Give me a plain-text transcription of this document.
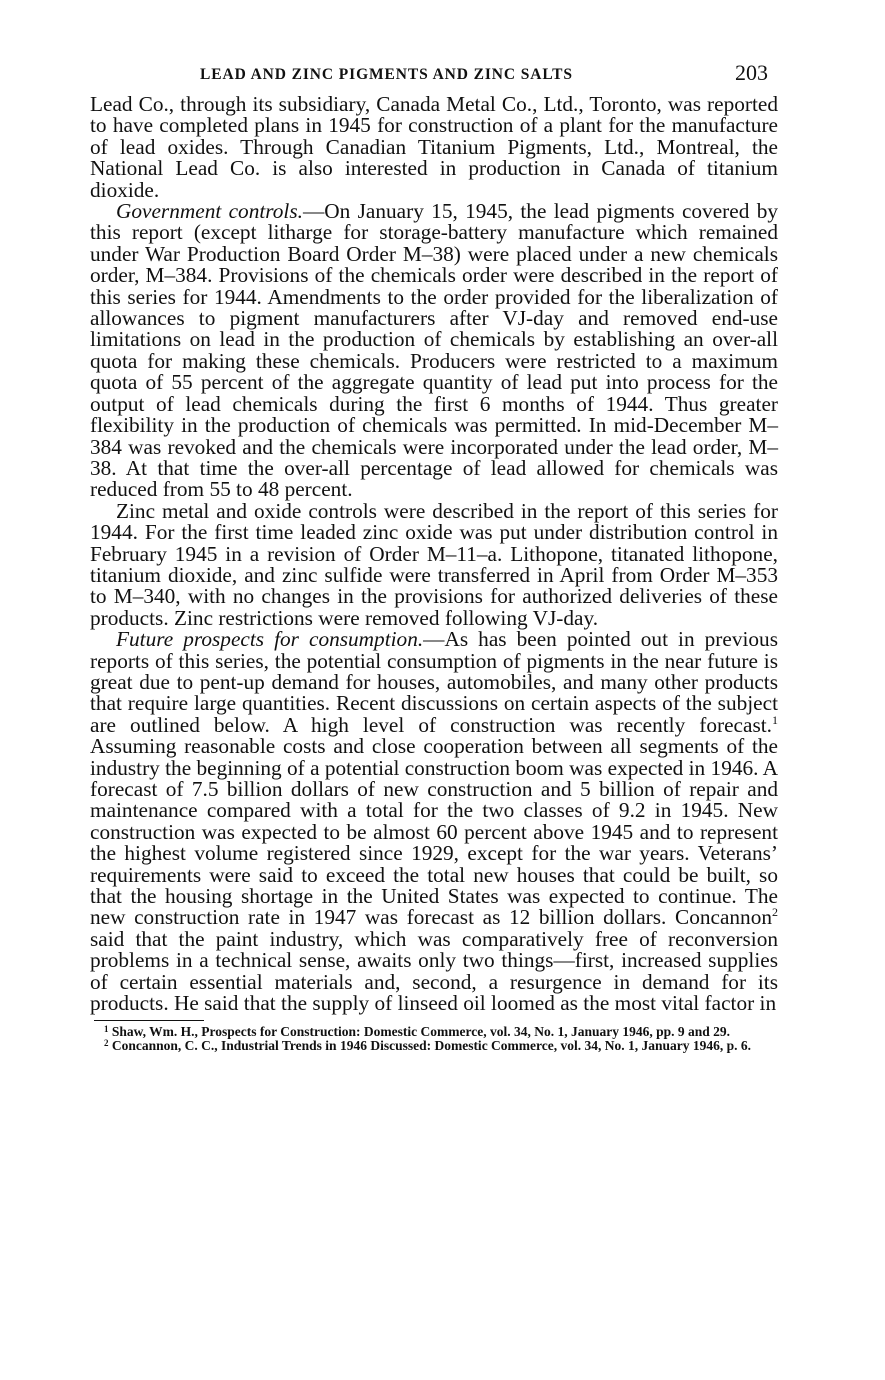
LEAD AND ZINC PIGMENTS AND ZINC SALTS	203

Lead Co., through its subsidiary, Canada Metal Co., Ltd., Toronto, was reported to have completed plans in 1945 for construction of a plant for the manufacture of lead oxides. Through Canadian Titanium Pigments, Ltd., Montreal, the National Lead Co. is also interested in production in Canada of titanium dioxide.

Government controls.—On January 15, 1945, the lead pigments covered by this report (except litharge for storage-battery manufacture which remained under War Production Board Order M–38) were placed under a new chemicals order, M–384. Provisions of the chemicals order were described in the report of this series for 1944. Amendments to the order provided for the liberalization of allowances to pigment manufacturers after VJ-day and removed end-use limitations on lead in the production of chemicals by establishing an over-all quota for making these chemicals. Producers were restricted to a maximum quota of 55 percent of the aggregate quantity of lead put into process for the output of lead chemicals during the first 6 months of 1944. Thus greater flexibility in the production of chemicals was permitted. In mid-December M–384 was revoked and the chemicals were incorporated under the lead order, M–38. At that time the over-all percentage of lead allowed for chemicals was reduced from 55 to 48 percent.

Zinc metal and oxide controls were described in the report of this series for 1944. For the first time leaded zinc oxide was put under distribution control in February 1945 in a revision of Order M–11–a. Lithopone, titanated lithopone, titanium dioxide, and zinc sulfide were transferred in April from Order M–353 to M–340, with no changes in the provisions for authorized deliveries of these products. Zinc restrictions were removed following VJ-day.

Future prospects for consumption.—As has been pointed out in previous reports of this series, the potential consumption of pigments in the near future is great due to pent-up demand for houses, automobiles, and many other products that require large quantities. Recent discussions on certain aspects of the subject are outlined below. A high level of construction was recently forecast.$^1$ Assuming reasonable costs and close cooperation between all segments of the industry the beginning of a potential construction boom was expected in 1946. A forecast of 7.5 billion dollars of new construction and 5 billion of repair and maintenance compared with a total for the two classes of 9.2 in 1945. New construction was expected to be almost 60 percent above 1945 and to represent the highest volume registered since 1929, except for the war years. Veterans’ requirements were said to exceed the total new houses that could be built, so that the housing shortage in the United States was expected to continue. The new construction rate in 1947 was forecast as 12 billion dollars. Concannon$^2$ said that the paint industry, which was comparatively free of reconversion problems in a technical sense, awaits only two things—first, increased supplies of certain essential materials and, second, a resurgence in demand for its products. He said that the supply of linseed oil loomed as the most vital factor in

$^1$ Shaw, Wm. H., Prospects for Construction: Domestic Commerce, vol. 34, No. 1, January 1946, pp. 9 and 29.

$^2$ Concannon, C. C., Industrial Trends in 1946 Discussed: Domestic Commerce, vol. 34, No. 1, January 1946, p. 6.
